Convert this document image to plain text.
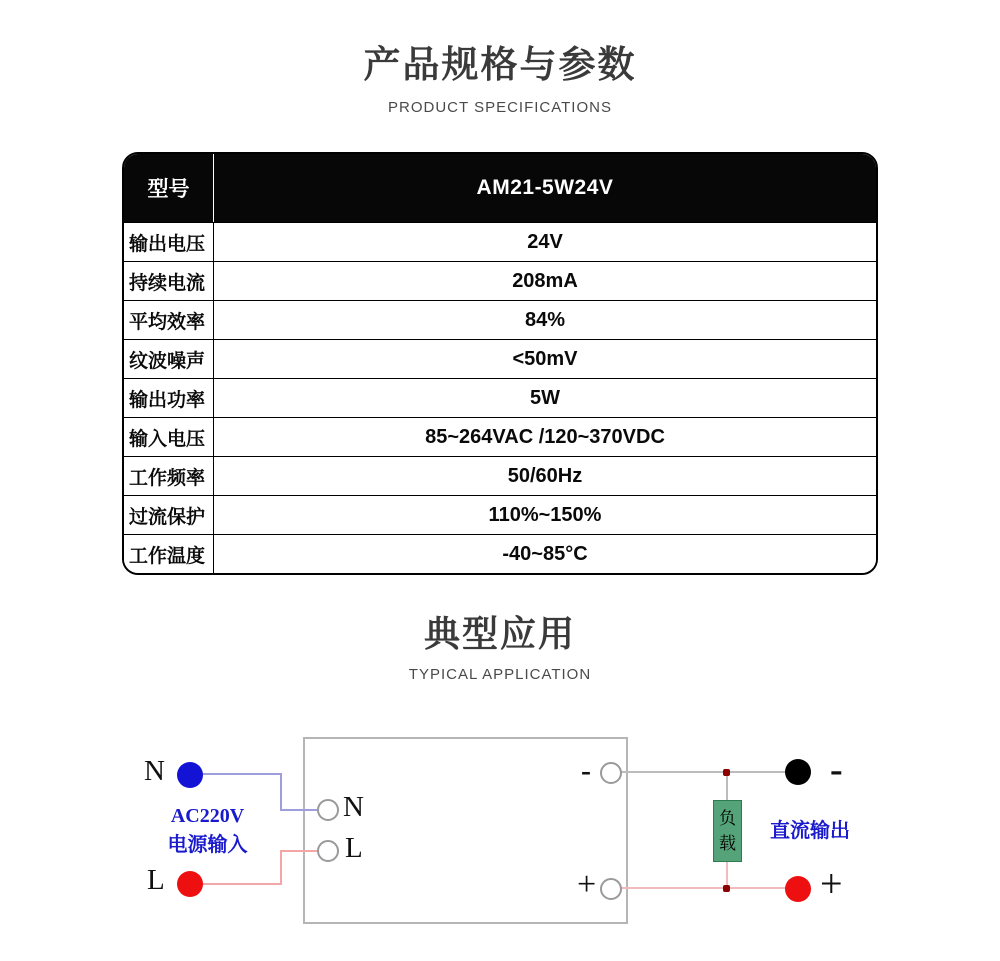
产品规格与参数
PRODUCT SPECIFICATIONS
型号	AM21-5W24V
输出电压	24V
持续电流	208mA
平均效率	84%
纹波噪声	<50mV
输出功率	5W
输入电压	85~264VAC /120~370VDC
工作频率	50/60Hz
过流保护	110%~150%
工作温度	-40~85°C
典型应用
TYPICAL APPLICATION
N
L
AC220V
电源输入
N
L
-
+
负载
直流输出
-
+
